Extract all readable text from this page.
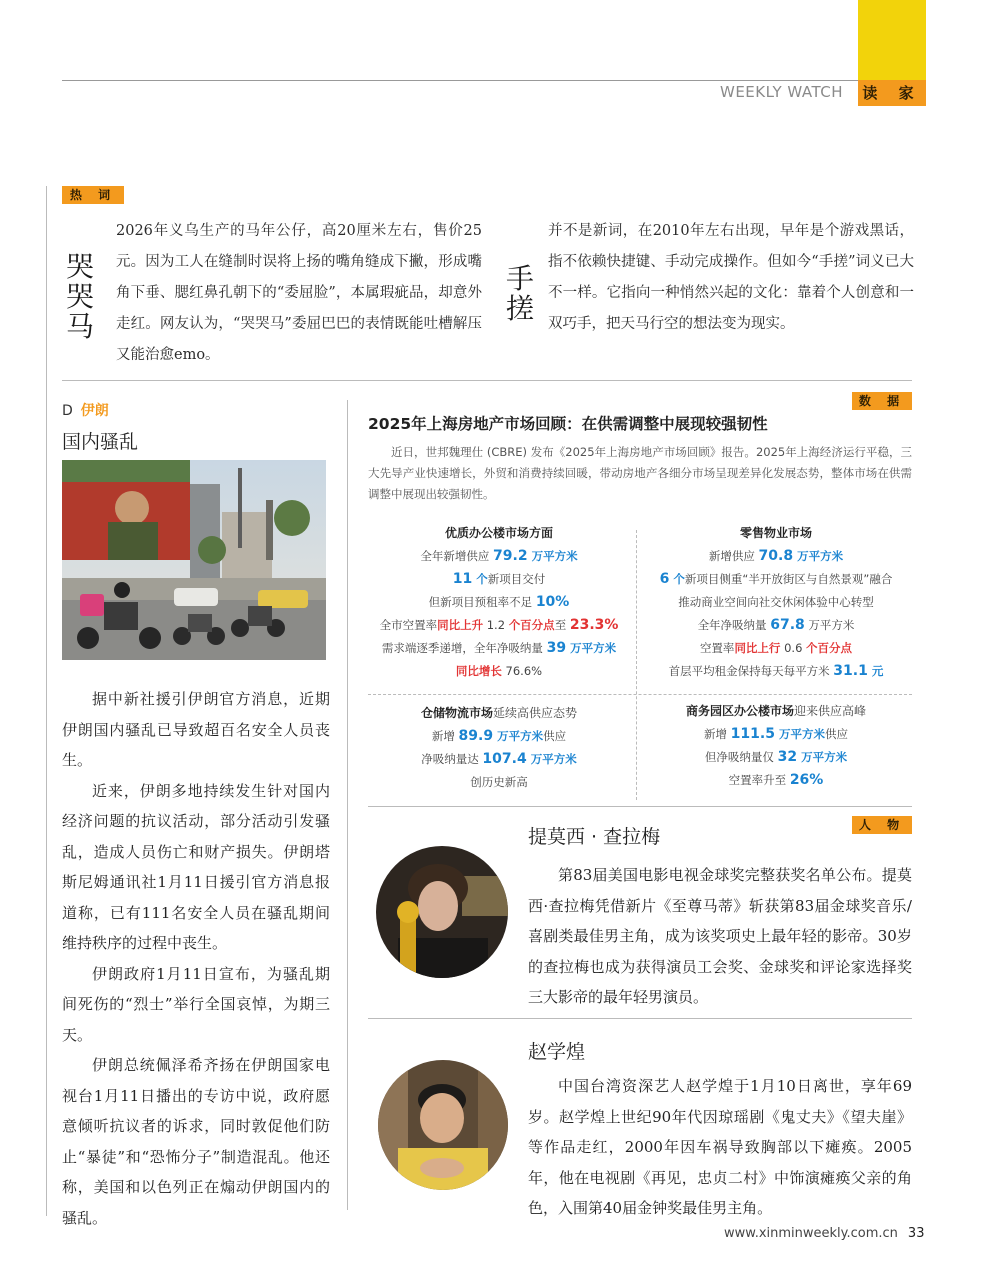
WEEKLY WATCH	读 家
热 词
哭哭马
2026年义乌生产的马年公仔，高20厘米左右，售价25元。因为工人在缝制时误将上扬的嘴角缝成下撇，形成嘴角下垂、腮红鼻孔朝下的“委屈脸”，本属瑕疵品，却意外走红。网友认为，“哭哭马”委屈巴巴的表情既能吐槽解压又能治愈emo。
手搓
并不是新词，在2010年左右出现，早年是个游戏黑话，指不依赖快捷键、手动完成操作。但如今“手搓”词义已大不一样。它指向一种悄然兴起的文化：靠着个人创意和一双巧手，把天马行空的想法变为现实。
D 伊朗
国内骚乱

据中新社援引伊朗官方消息，近期伊朗国内骚乱已导致超百名安全人员丧生。

近来，伊朗多地持续发生针对国内经济问题的抗议活动，部分活动引发骚乱，造成人员伤亡和财产损失。伊朗塔斯尼姆通讯社1月11日援引官方消息报道称，已有111名安全人员在骚乱期间维持秩序的过程中丧生。

伊朗政府1月11日宣布，为骚乱期间死伤的“烈士”举行全国哀悼，为期三天。

伊朗总统佩泽希齐扬在伊朗国家电视台1月11日播出的专访中说，政府愿意倾听抗议者的诉求，同时敦促他们防止“暴徒”和“恐怖分子”制造混乱。他还称，美国和以色列正在煽动伊朗国内的骚乱。

数 据
2025年上海房地产市场回顾：在供需调整中展现较强韧性
近日，世邦魏理仕 (CBRE) 发布《2025年上海房地产市场回顾》报告。2025年上海经济运行平稳，三大先导产业快速增长，外贸和消费持续回暖，带动房地产各细分市场呈现差异化发展态势，整体市场在供需调整中展现出较强韧性。
优质办公楼市场方面
全年新增供应 79.2 万平方米
11 个新项目交付
但新项目预租率不足 10%
全市空置率同比上升 1.2 个百分点至 23.3%
需求端逐季递增，全年净吸纳量 39 万平方米
同比增长 76.6%
零售物业市场
新增供应 70.8 万平方米
6 个新项目侧重“半开放街区与自然景观”融合
推动商业空间向社交休闲体验中心转型
全年净吸纳量 67.8 万平方米
空置率同比上行 0.6 个百分点
首层平均租金保持每天每平方米 31.1 元
仓储物流市场延续高供应态势
新增 89.9 万平方米供应
净吸纳量达 107.4 万平方米
创历史新高
商务园区办公楼市场迎来供应高峰
新增 111.5 万平方米供应
但净吸纳量仅 32 万平方米
空置率升至 26%
人 物
提莫西 · 查拉梅
第83届美国电影电视金球奖完整获奖名单公布。提莫西·查拉梅凭借新片《至尊马蒂》斩获第83届金球奖音乐/喜剧类最佳男主角，成为该奖项史上最年轻的影帝。30岁的查拉梅也成为获得演员工会奖、金球奖和评论家选择奖三大影帝的最年轻男演员。
赵学煌
中国台湾资深艺人赵学煌于1月10日离世，享年69岁。赵学煌上世纪90年代因琼瑶剧《鬼丈夫》《望夫崖》等作品走红，2000年因车祸导致胸部以下瘫痪。2005年，他在电视剧《再见，忠贞二村》中饰演瘫痪父亲的角色，入围第40届金钟奖最佳男主角。
www.xinminweekly.com.cn 33
